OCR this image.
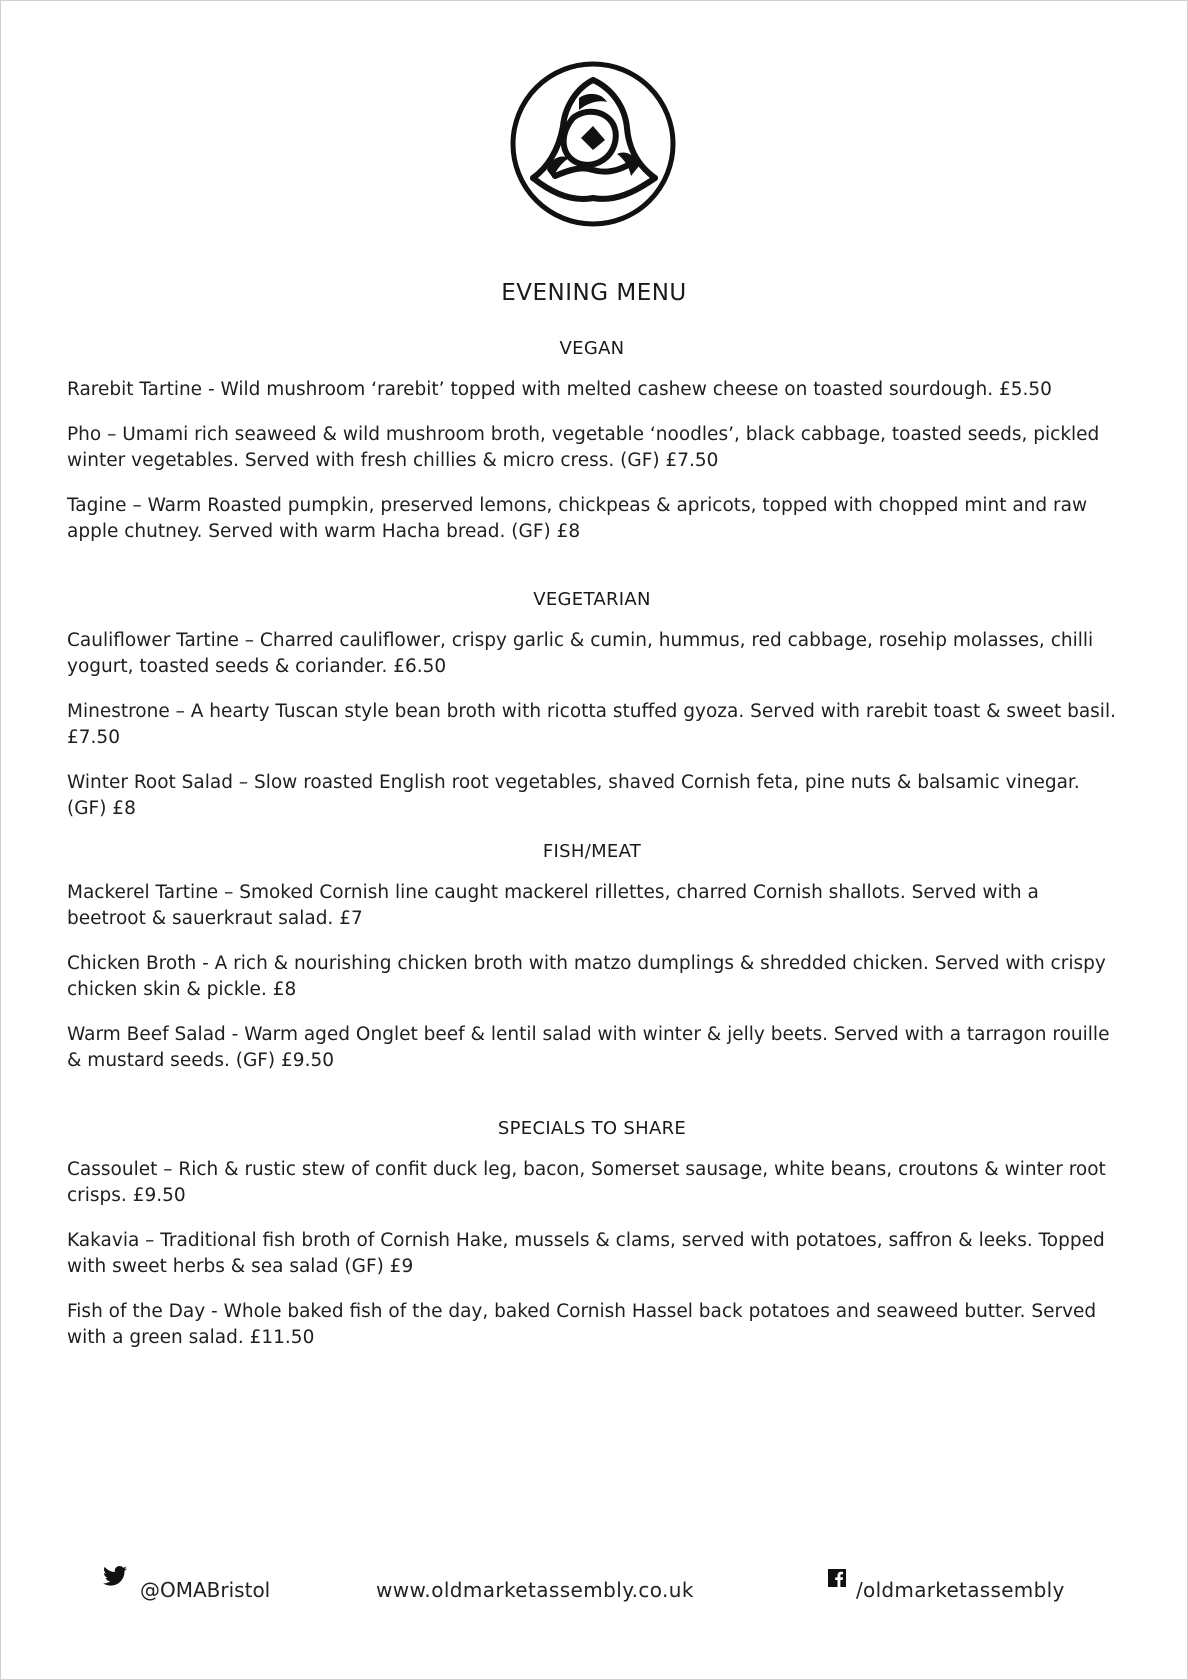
EVENING MENU
VEGAN
Rarebit Tartine - Wild mushroom ‘rarebit’ topped with melted cashew cheese on toasted sourdough. £5.50
Pho – Umami rich seaweed & wild mushroom broth, vegetable ‘noodles’, black cabbage, toasted seeds, pickled winter vegetables. Served with fresh chillies & micro cress. (GF) £7.50
Tagine – Warm Roasted pumpkin, preserved lemons, chickpeas & apricots, topped with chopped mint and raw apple chutney. Served with warm Hacha bread. (GF) £8
VEGETARIAN
Cauliflower Tartine – Charred cauliflower, crispy garlic & cumin, hummus, red cabbage, rosehip molasses, chilli yogurt, toasted seeds & coriander. £6.50
Minestrone – A hearty Tuscan style bean broth with ricotta stuffed gyoza. Served with rarebit toast & sweet basil. £7.50
Winter Root Salad – Slow roasted English root vegetables, shaved Cornish feta, pine nuts & balsamic vinegar. (GF) £8
FISH/MEAT
Mackerel Tartine – Smoked Cornish line caught mackerel rillettes, charred Cornish shallots. Served with a beetroot & sauerkraut salad. £7
Chicken Broth - A rich & nourishing chicken broth with matzo dumplings & shredded chicken. Served with crispy chicken skin & pickle. £8
Warm Beef Salad - Warm aged Onglet beef & lentil salad with winter & jelly beets. Served with a tarragon rouille & mustard seeds. (GF) £9.50
SPECIALS TO SHARE
Cassoulet – Rich & rustic stew of confit duck leg, bacon, Somerset sausage, white beans, croutons & winter root crisps. £9.50
Kakavia – Traditional fish broth of Cornish Hake, mussels & clams, served with potatoes, saffron & leeks. Topped with sweet herbs & sea salad (GF) £9
Fish of the Day - Whole baked fish of the day, baked Cornish Hassel back potatoes and seaweed butter. Served with a green salad. £11.50
@OMABristol	www.oldmarketassembly.co.uk	/oldmarketassembly
